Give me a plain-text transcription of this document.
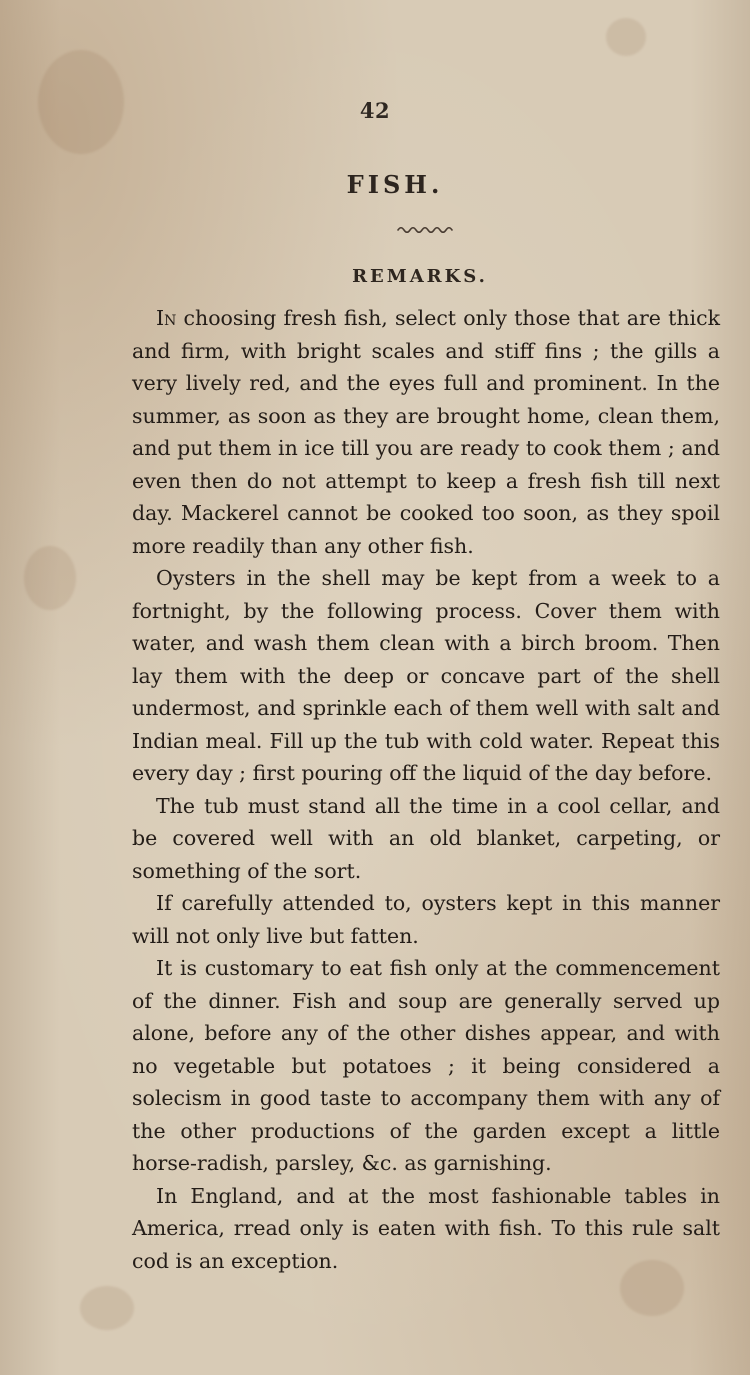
42
FISH.
REMARKS.

In choosing fresh fish, select only those that are thick and firm, with bright scales and stiff fins ; the gills a very lively red, and the eyes full and prominent. In the summer, as soon as they are brought home, clean them, and put them in ice till you are ready to cook them ; and even then do not attempt to keep a fresh fish till next day. Mackerel cannot be cooked too soon, as they spoil more readily than any other fish.

Oysters in the shell may be kept from a week to a fortnight, by the following process. Cover them with water, and wash them clean with a birch broom. Then lay them with the deep or concave part of the shell undermost, and sprinkle each of them well with salt and Indian meal. Fill up the tub with cold water. Repeat this every day ; first pouring off the liquid of the day before.

The tub must stand all the time in a cool cellar, and be covered well with an old blanket, carpeting, or something of the sort.

If carefully attended to, oysters kept in this manner will not only live but fatten.

It is customary to eat fish only at the commencement of the dinner. Fish and soup are generally served up alone, before any of the other dishes appear, and with no vegetable but potatoes ; it being considered a solecism in good taste to accompany them with any of the other productions of the garden except a little horse-radish, parsley, &c. as garnishing.

In England, and at the most fashionable tables in America, rread only is eaten with fish. To this rule salt cod is an exception.
